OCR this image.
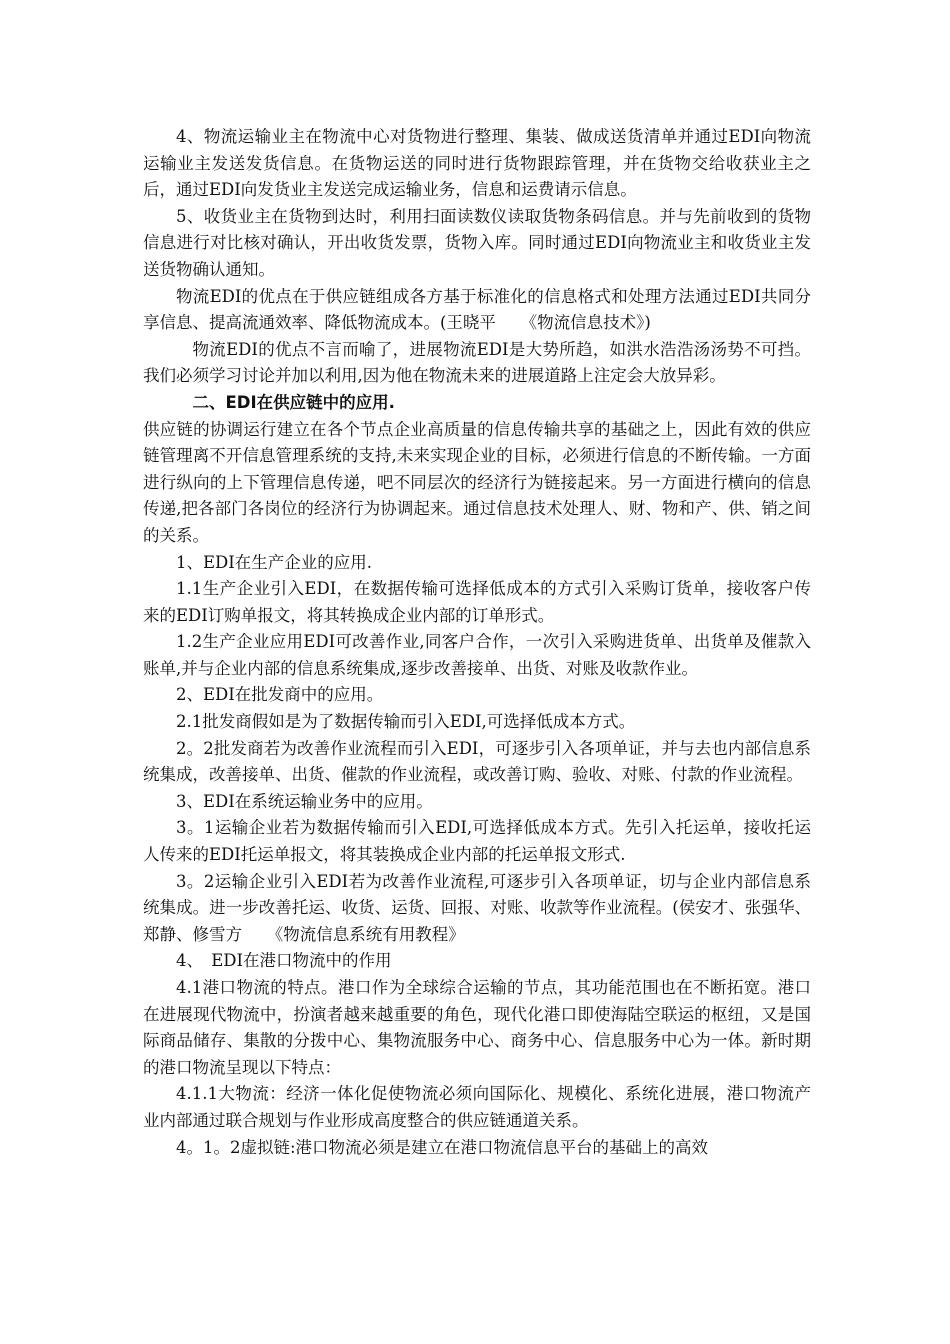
4、物流运输业主在物流中心对货物进行整理、集装、做成送货清单并通过EDI向物流运输业主发送发货信息。在货物运送的同时进行货物跟踪管理，并在货物交给收获业主之后，通过EDI向发货业主发送完成运输业务，信息和运费请示信息。

5、收货业主在货物到达时，利用扫面读数仪读取货物条码信息。并与先前收到的货物信息进行对比核对确认，开出收货发票，货物入库。同时通过EDI向物流业主和收货业主发送货物确认通知。

物流EDI的优点在于供应链组成各方基于标准化的信息格式和处理方法通过EDI共同分享信息、提高流通效率、降低物流成本。(王晓平　　《物流信息技术》)

物流EDI的优点不言而喻了，进展物流EDI是大势所趋，如洪水浩浩汤汤势不可挡。我们必须学习讨论并加以利用,因为他在物流未来的进展道路上注定会大放异彩。

二、EDI在供应链中的应用.

供应链的协调运行建立在各个节点企业高质量的信息传输共享的基础之上，因此有效的供应链管理离不开信息管理系统的支持,未来实现企业的目标，必须进行信息的不断传输。一方面进行纵向的上下管理信息传递，吧不同层次的经济行为链接起来。另一方面进行横向的信息传递,把各部门各岗位的经济行为协调起来。通过信息技术处理人、财、物和产、供、销之间的关系。

1、EDI在生产企业的应用.

1.1生产企业引入EDI，在数据传输可选择低成本的方式引入采购订货单，接收客户传来的EDI订购单报文，将其转换成企业内部的订单形式。

1.2生产企业应用EDI可改善作业,同客户合作，一次引入采购进货单、出货单及催款入账单,并与企业内部的信息系统集成,逐步改善接单、出货、对账及收款作业。

2、EDI在批发商中的应用。

2.1批发商假如是为了数据传输而引入EDI,可选择低成本方式。

2。2批发商若为改善作业流程而引入EDI，可逐步引入各项单证，并与去也内部信息系统集成，改善接单、出货、催款的作业流程，或改善订购、验收、对账、付款的作业流程。

3、EDI在系统运输业务中的应用。

3。1运输企业若为数据传输而引入EDI,可选择低成本方式。先引入托运单，接收托运人传来的EDI托运单报文，将其装换成企业内部的托运单报文形式.

3。2运输企业引入EDI若为改善作业流程,可逐步引入各项单证，切与企业内部信息系统集成。进一步改善托运、收货、运货、回报、对账、收款等作业流程。(侯安才、张强华、郑静、修雪方　　《物流信息系统有用教程》

4、　EDI在港口物流中的作用

4.1港口物流的特点。港口作为全球综合运输的节点，其功能范围也在不断拓宽。港口在进展现代物流中，扮演者越来越重要的角色，现代化港口即使海陆空联运的枢纽，又是国际商品储存、集散的分拨中心、集物流服务中心、商务中心、信息服务中心为一体。新时期的港口物流呈现以下特点：

4.1.1大物流：经济一体化促使物流必须向国际化、规模化、系统化进展，港口物流产业内部通过联合规划与作业形成高度整合的供应链通道关系。

4。1。2虚拟链:港口物流必须是建立在港口物流信息平台的基础上的高效
